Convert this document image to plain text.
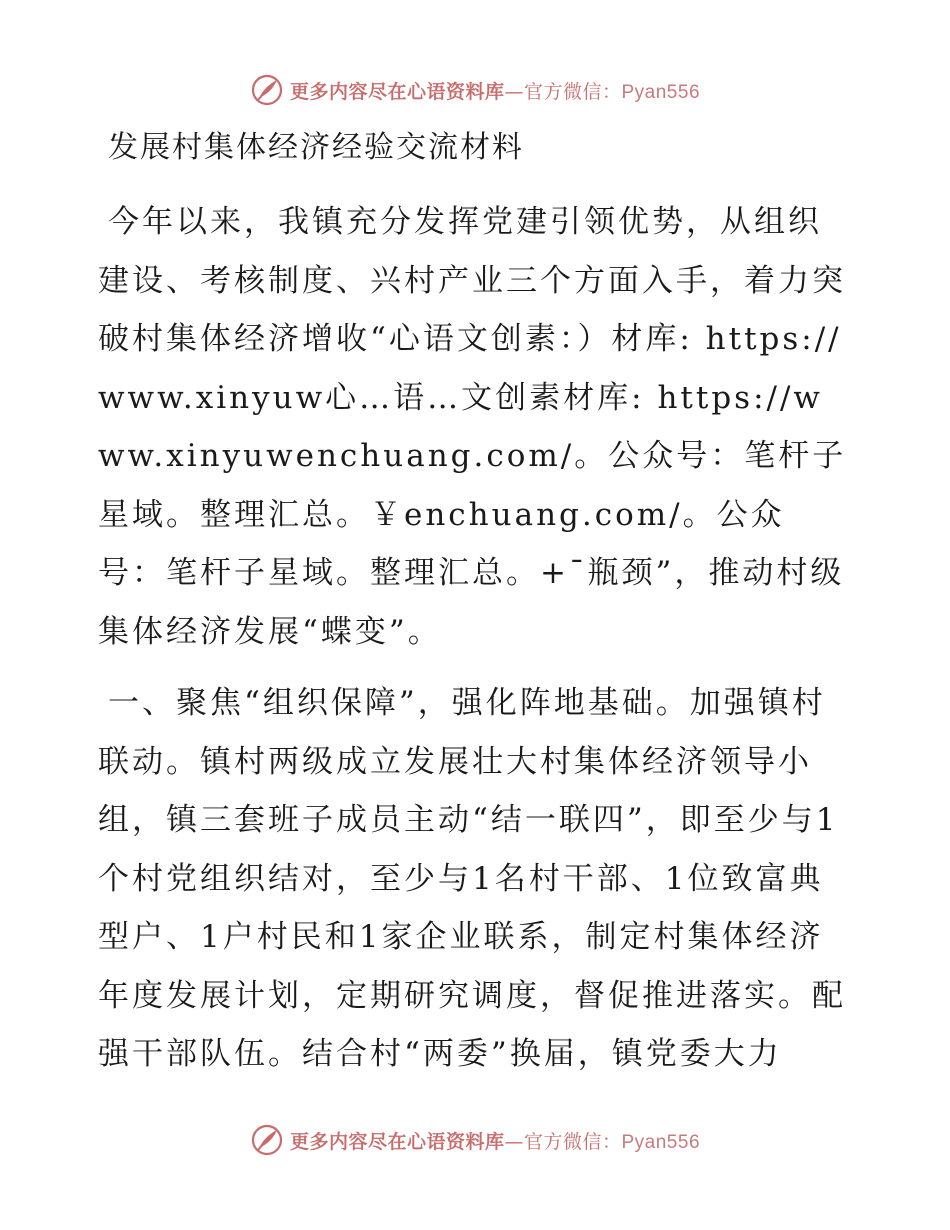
更多内容尽在心语资料库—官方微信：Pyan556
发展村集体经济经验交流材料

今年以来，我镇充分发挥党建引领优势，从组织建设、考核制度、兴村产业三个方面入手，着力突破村集体经济增收“心语文创素：）材库: https://www.xinyuw心…语…文创素材库: https://www.xinyuwenchuang.com/。公众号：笔杆子星域。整理汇总。￥enchuang.com/。公众号：笔杆子星域。整理汇总。+¯瓶颈”，推动村级集体经济发展“蝶变”。

一、聚焦“组织保障”，强化阵地基础。加强镇村联动。镇村两级成立发展壮大村集体经济领导小组，镇三套班子成员主动“结一联四”，即至少与1个村党组织结对，至少与1名村干部、1位致富典型户、1户村民和1家企业联系，制定村集体经济年度发展计划，定期研究调度，督促推进落实。配强干部队伍。结合村“两委”换届，镇党委大力

更多内容尽在心语资料库—官方微信：Pyan556
